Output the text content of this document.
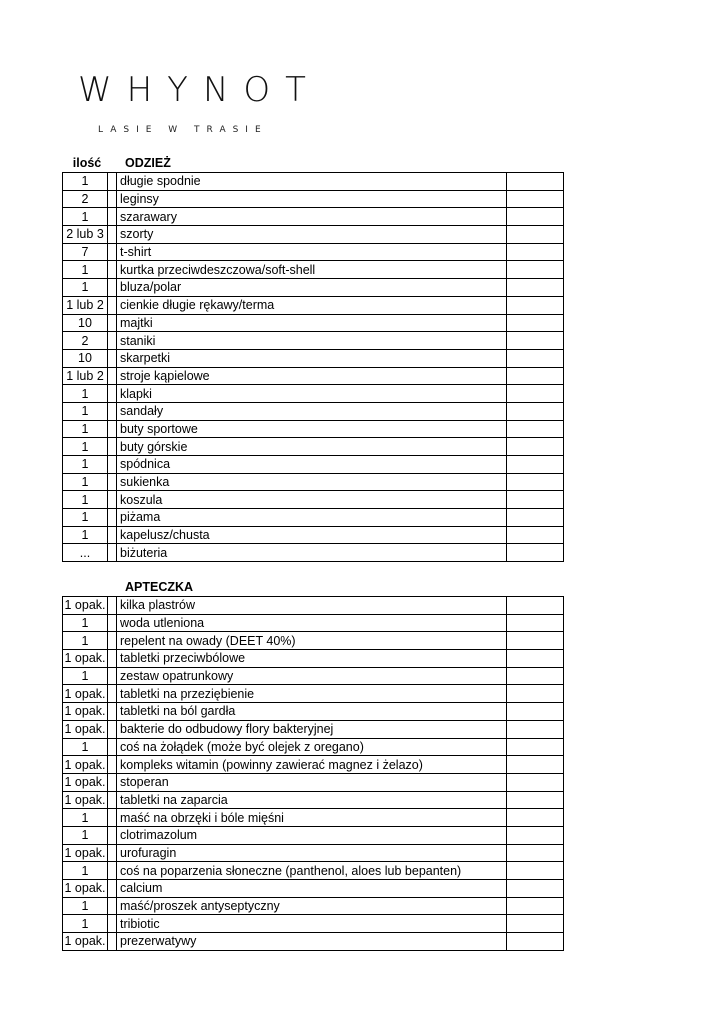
WHYNOT
LASIE W TRASIE
ilość	ODZIEŻ
1		długie spodnie	
2		leginsy	
1		szarawary	
2 lub 3		szorty	
7		t-shirt	
1		kurtka przeciwdeszczowa/soft-shell	
1		bluza/polar	
1 lub 2		cienkie długie rękawy/terma	
10		majtki	
2		staniki	
10		skarpetki	
1 lub 2		stroje kąpielowe	
1		klapki	
1		sandały	
1		buty sportowe	
1		buty górskie	
1		spódnica	
1		sukienka	
1		koszula	
1		piżama	
1		kapelusz/chusta	
...		biżuteria	
APTECZKA
1 opak.		kilka plastrów	
1		woda utleniona	
1		repelent na owady (DEET 40%)	
1 opak.		tabletki przeciwbólowe	
1		zestaw opatrunkowy	
1 opak.		tabletki na przeziębienie	
1 opak.		tabletki na ból gardła	
1 opak.		bakterie do odbudowy flory bakteryjnej	
1		coś na żołądek (może być olejek z oregano)	
1 opak.		kompleks witamin (powinny zawierać magnez i żelazo)	
1 opak.		stoperan	
1 opak.		tabletki na zaparcia	
1		maść na obrzęki i bóle mięśni	
1		clotrimazolum	
1 opak.		urofuragin	
1		coś na poparzenia słoneczne (panthenol, aloes lub bepanten)	
1 opak.		calcium	
1		maść/proszek antyseptyczny	
1		tribiotic	
1 opak.		prezerwatywy	
